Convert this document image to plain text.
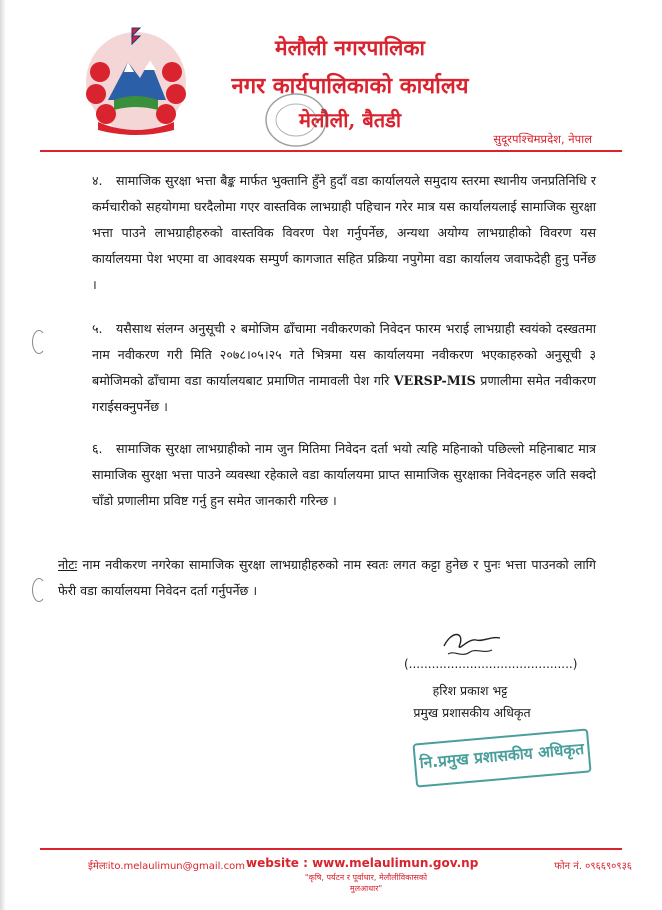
मेलौली नगरपालिका
नगर कार्यपालिकाको कार्यालय
मेलौली, बैतडी
सुदूरपश्चिमप्रदेश, नेपाल
४. सामाजिक सुरक्षा भत्ता बैङ्क मार्फत भुक्तानि हुँने हुदाँ वडा कार्यालयले समुदाय स्तरमा स्थानीय जनप्रतिनिधि र कर्मचारीको सहयोगमा घरदैलोमा गएर वास्तविक लाभग्राही पहिचान गरेर मात्र यस कार्यालयलाई सामाजिक सुरक्षा भत्ता पाउने लाभग्राहीहरुको वास्तविक विवरण पेश गर्नुपर्नेछ, अन्यथा अयोग्य लाभग्राहीको विवरण यस कार्यालयमा पेश भएमा वा आवश्यक सम्पुर्ण कागजात सहित प्रक्रिया नपुगेमा वडा कार्यालय जवाफदेही हुनु पर्नेछ ।
५. यसैसाथ संलग्न अनुसूची २ बमोजिम ढाँचामा नवीकरणको निवेदन फारम भराई लाभग्राही स्वयंको दस्खतमा नाम नवीकरण गरी मिति २०७८।०५।२५ गते भित्रमा यस कार्यालयमा नवीकरण भएकाहरुको अनुसूची ३ बमोजिमको ढाँचामा वडा कार्यालयबाट प्रमाणित नामावली पेश गरि VERSP-MIS प्रणालीमा समेत नवीकरण गराईसक्नुपर्नेछ ।
६. सामाजिक सुरक्षा लाभग्राहीको नाम जुन मितिमा निवेदन दर्ता भयो त्यहि महिनाको पछिल्लो महिनाबाट मात्र सामाजिक सुरक्षा भत्ता पाउने व्यवस्था रहेकाले वडा कार्यालयमा प्राप्त सामाजिक सुरक्षाका निवेदनहरु जति सक्दो चाँडो प्रणालीमा प्रविष्ट गर्नु हुन समेत जानकारी गरिन्छ ।
नोटः नाम नवीकरण नगरेका सामाजिक सुरक्षा लाभग्राहीहरुको नाम स्वतः लगत कट्टा हुनेछ र पुनः भत्ता पाउनको लागि फेरी वडा कार्यालयमा निवेदन दर्ता गर्नुपर्नेछ ।
(...........................................)
हरिश प्रकाश भट्ट
प्रमुख प्रशासकीय अधिकृत
नि.प्रमुख प्रशासकीय अधिकृत
ईमेलःito.melaulimun@gmail.com website : www.melaulimun.gov.np
"कृषि, पर्यटन र पूर्वाधार, मेलौलीविकासको मुलआधार"
फोन नं. ०९६६९०९३६
